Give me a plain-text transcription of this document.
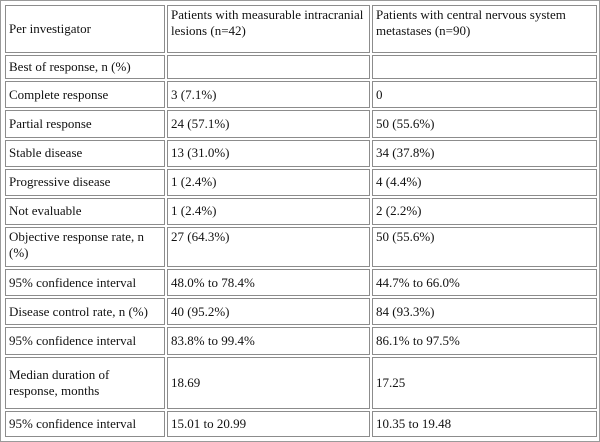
Per investigator	Patients with measurable intracranial lesions (n=42)	Patients with central nervous system metastases (n=90)
Best of response, n (%)		
Complete response	3 (7.1%)	0
Partial response	24 (57.1%)	50 (55.6%)
Stable disease	13 (31.0%)	34 (37.8%)
Progressive disease	1 (2.4%)	4 (4.4%)
Not evaluable	1 (2.4%)	2 (2.2%)
Objective response rate, n (%)	27 (64.3%)	50 (55.6%)
95% confidence interval	48.0% to 78.4%	44.7% to 66.0%
Disease control rate, n (%)	40 (95.2%)	84 (93.3%)
95% confidence interval	83.8% to 99.4%	86.1% to 97.5%
Median duration of response, months	18.69	17.25
95% confidence interval	15.01 to 20.99	10.35 to 19.48
